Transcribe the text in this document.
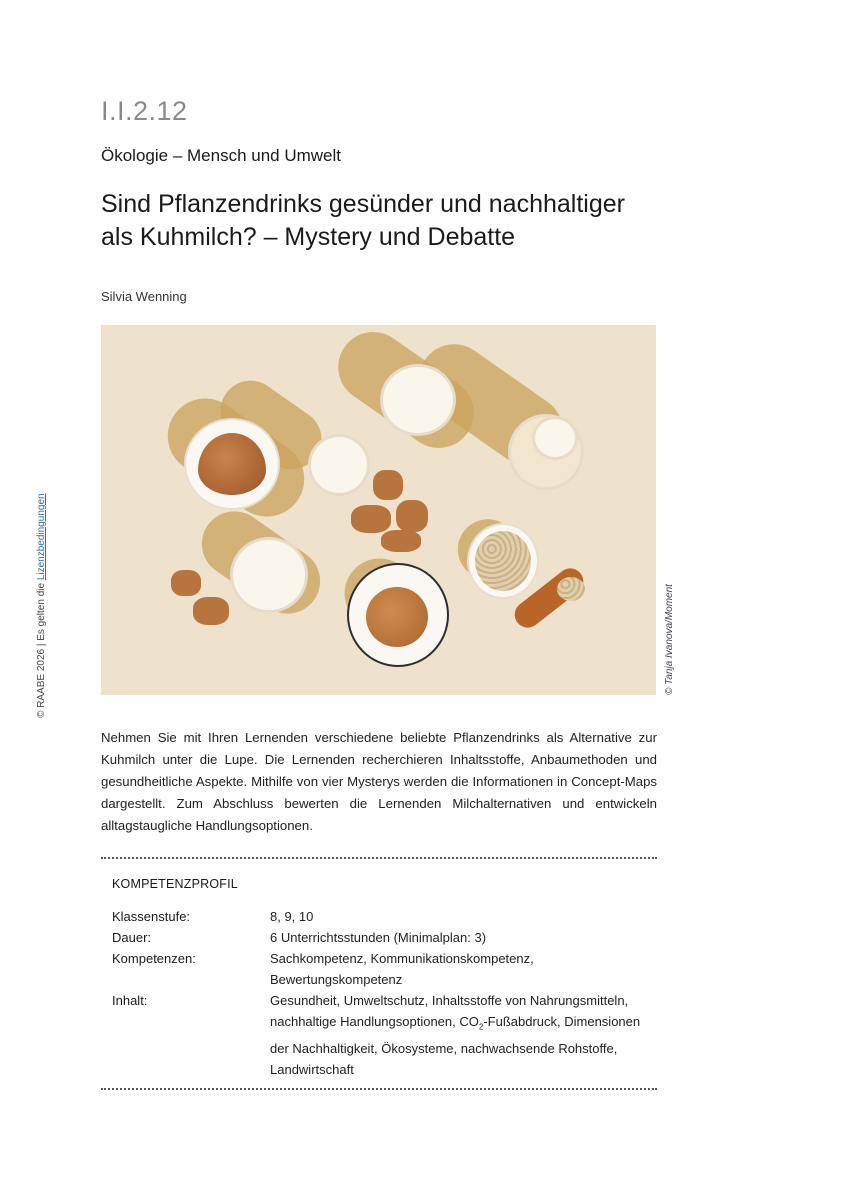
I.I.2.12
Ökologie – Mensch und Umwelt
Sind Pflanzendrinks gesünder und nachhaltiger
als Kuhmilch? – Mystery und Debatte
Silvia Wenning
© RAABE 2026 | Es gelten die Lizenzbedingungen
© Tanja Ivanova/Moment

Nehmen Sie mit Ihren Lernenden verschiedene beliebte Pflanzendrinks als Alternative zur Kuhmilch unter die Lupe. Die Lernenden recherchieren Inhaltsstoffe, Anbaumethoden und gesundheitliche Aspekte. Mithilfe von vier Mysterys werden die Informationen in Concept-Maps dargestellt. Zum Abschluss bewerten die Lernenden Milchalternativen und entwickeln alltagstaugliche Handlungsoptionen.

KOMPETENZPROFIL
Klassenstufe:	8, 9, 10
Dauer:	6 Unterrichtsstunden (Minimalplan: 3)
Kompetenzen:	Sachkompetenz, Kommunikationskompetenz, Bewertungskompetenz
Inhalt:	Gesundheit, Umweltschutz, Inhaltsstoffe von Nahrungsmitteln, nachhaltige Handlungsoptionen, $CO_2$-Fußabdruck, Dimensionen der Nachhaltigkeit, Ökosysteme, nachwachsende Rohstoffe, Landwirtschaft
